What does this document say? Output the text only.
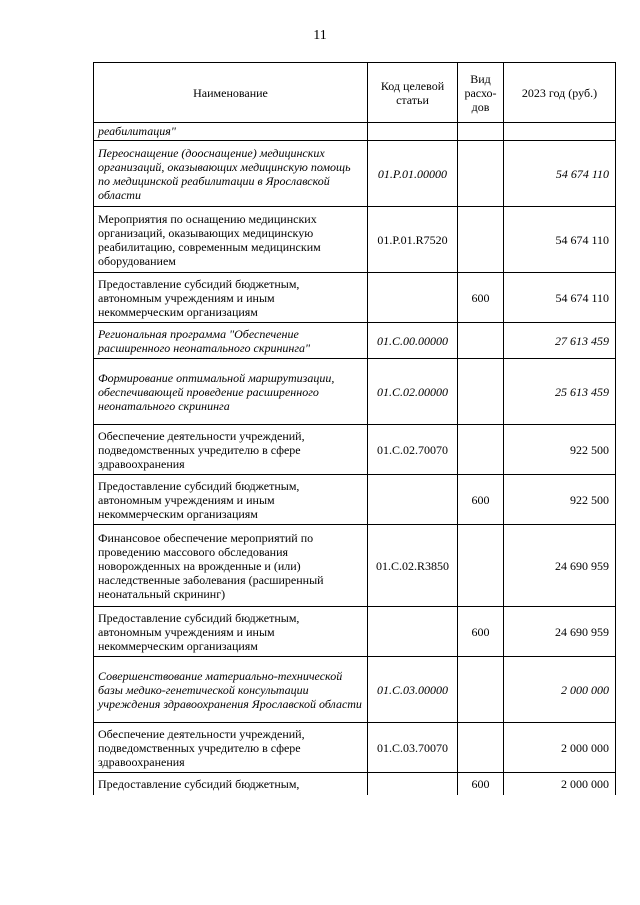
11
Наименование	Код целевой статьи	Вид расхо-дов	2023 год (руб.)
реабилитация"			
Переоснащение (дооснащение) медицинских организаций, оказывающих медицинскую помощь по медицинской реабилитации в Ярославской области	01.Р.01.00000		54 674 110
Мероприятия по оснащению медицинских организаций, оказывающих медицинскую реабилитацию, современным медицинским оборудованием	01.Р.01.R7520		54 674 110
Предоставление субсидий бюджетным, автономным учреждениям и иным некоммерческим организациям		600	54 674 110
Региональная программа "Обеспечение расширенного неонатального скрининга"	01.С.00.00000		27 613 459
Формирование оптимальной маршрутизации, обеспечивающей проведение расширенного неонатального скрининга	01.С.02.00000		25 613 459
Обеспечение деятельности учреждений, подведомственных учредителю в сфере здравоохранения	01.С.02.70070		922 500
Предоставление субсидий бюджетным, автономным учреждениям и иным некоммерческим организациям		600	922 500
Финансовое обеспечение мероприятий по проведению массового обследования новорожденных на врожденные и (или) наследственные заболевания (расширенный неонатальный скрининг)	01.С.02.R3850		24 690 959
Предоставление субсидий бюджетным, автономным учреждениям и иным некоммерческим организациям		600	24 690 959
Совершенствование материально-технической базы медико-генетической консультации учреждения здравоохранения Ярославской области	01.С.03.00000		2 000 000
Обеспечение деятельности учреждений, подведомственных учредителю в сфере здравоохранения	01.С.03.70070		2 000 000
Предоставление субсидий бюджетным,		600	2 000 000
